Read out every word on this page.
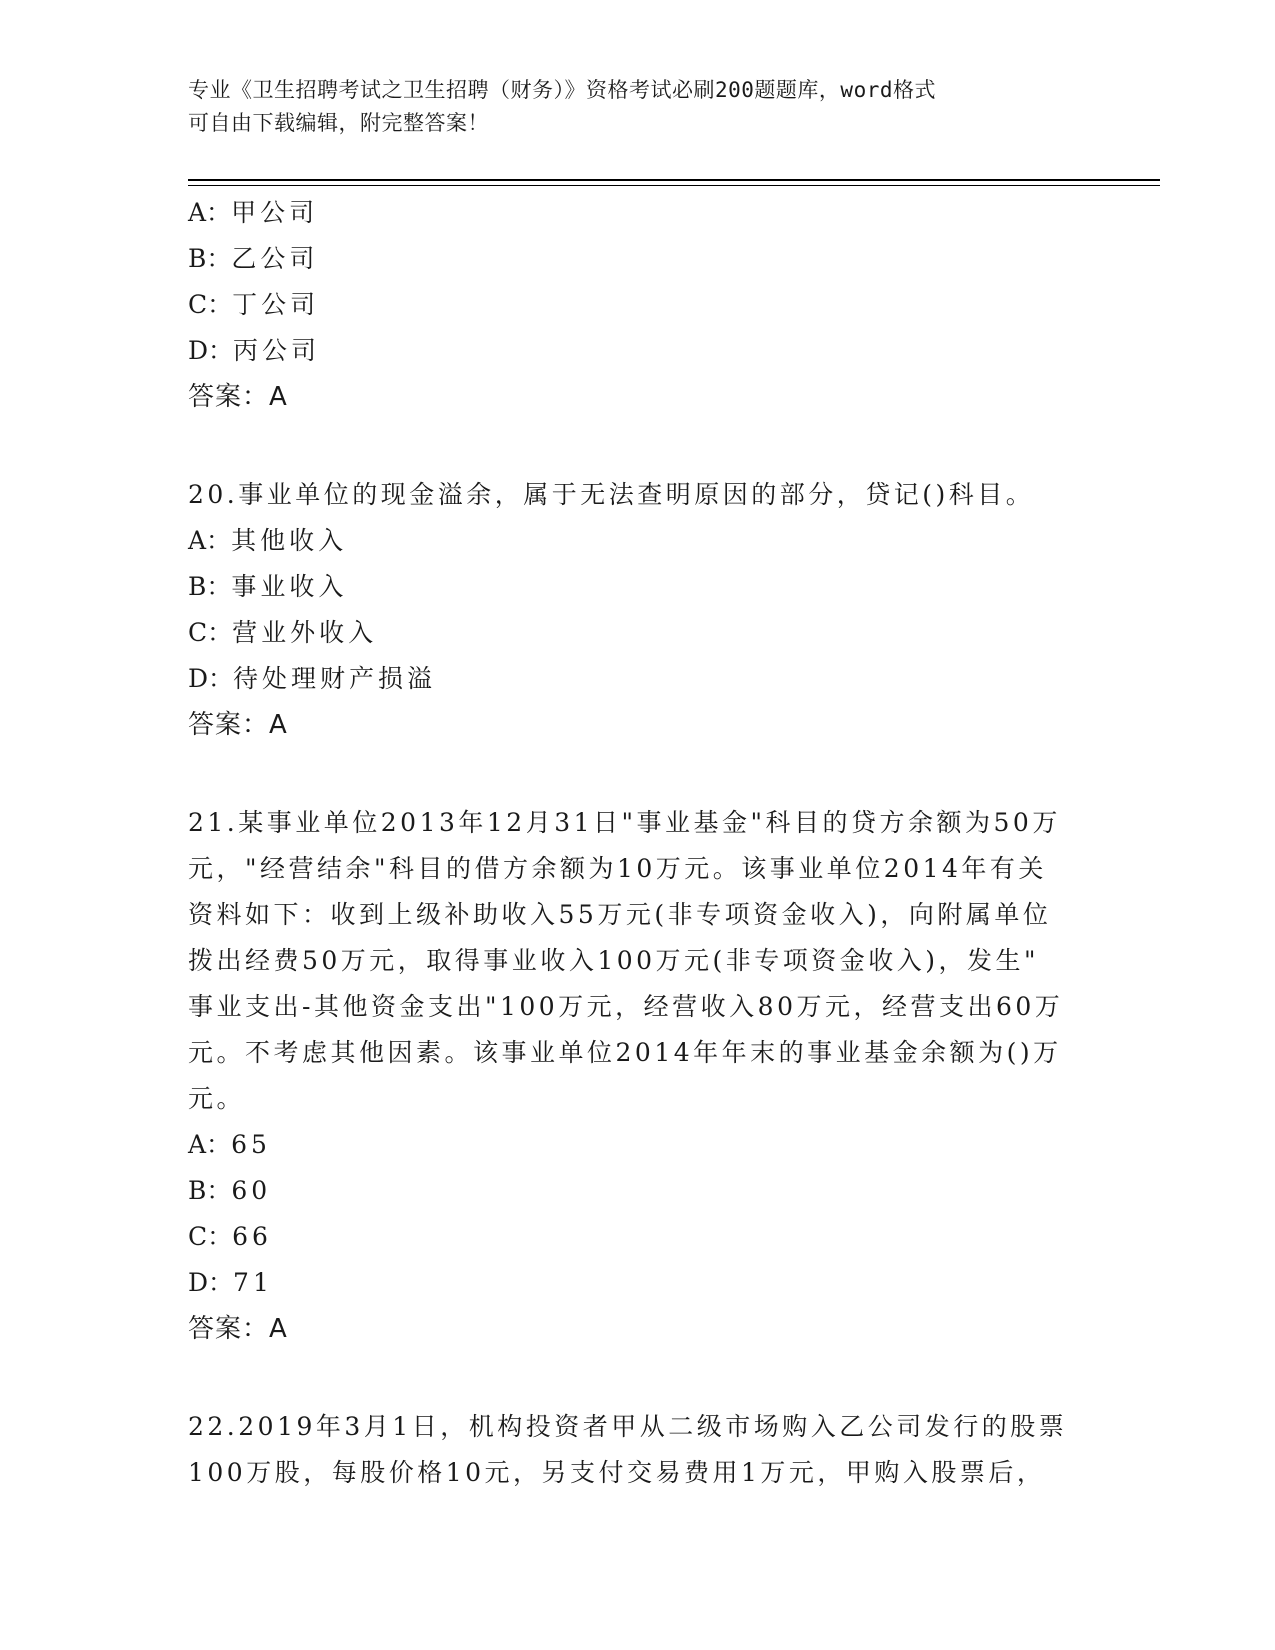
专业《卫生招聘考试之卫生招聘（财务）》资格考试必刷200题题库，word格式
可自由下载编辑，附完整答案！
A：甲公司
B：乙公司
C：丁公司
D：丙公司
答案：A
20.事业单位的现金溢余，属于无法查明原因的部分，贷记()科目。
A：其他收入
B：事业收入
C：营业外收入
D：待处理财产损溢
答案：A
21.某事业单位2013年12月31日"事业基金"科目的贷方余额为50万
元，"经营结余"科目的借方余额为10万元。该事业单位2014年有关
资料如下：收到上级补助收入55万元(非专项资金收入)，向附属单位
拨出经费50万元，取得事业收入100万元(非专项资金收入)，发生"
事业支出-其他资金支出"100万元，经营收入80万元，经营支出60万
元。不考虑其他因素。该事业单位2014年年末的事业基金余额为()万
元。
A：65
B：60
C：66
D：71
答案：A
22.2019年3月1日，机构投资者甲从二级市场购入乙公司发行的股票
100万股，每股价格10元，另支付交易费用1万元，甲购入股票后，
